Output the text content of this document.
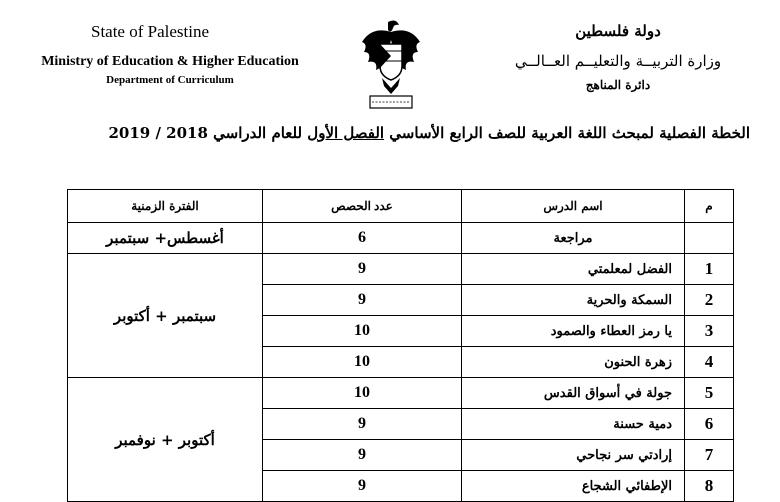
State of Palestine
Ministry of Education & Higher Education
Department of Curriculum
دولة فلسطين
وزارة التربيــة والتعليــم العــالــي
دائرة المناهج
الخطة الفصلية لمبحث اللغة العربية للصف الرابع الأساسي الفصل الأول للعام الدراسي 2018 / 2019
م	اسم الدرس	عدد الحصص	الفترة الزمنية
	مراجعة	6	أغسطس+ سبتمبر
1	الفضل لمعلمتي	9	سبتمبر + أكتوبر
2	السمكة والحرية	9	
3	يا رمز العطاء والصمود	10	
4	زهرة الحنون	10	
5	جولة في أسواق القدس	10	أكتوبر + نوفمبر
6	دمية حسنة	9	
7	إرادتي سر نجاحي	9	
8	الإطفائي الشجاع	9	
